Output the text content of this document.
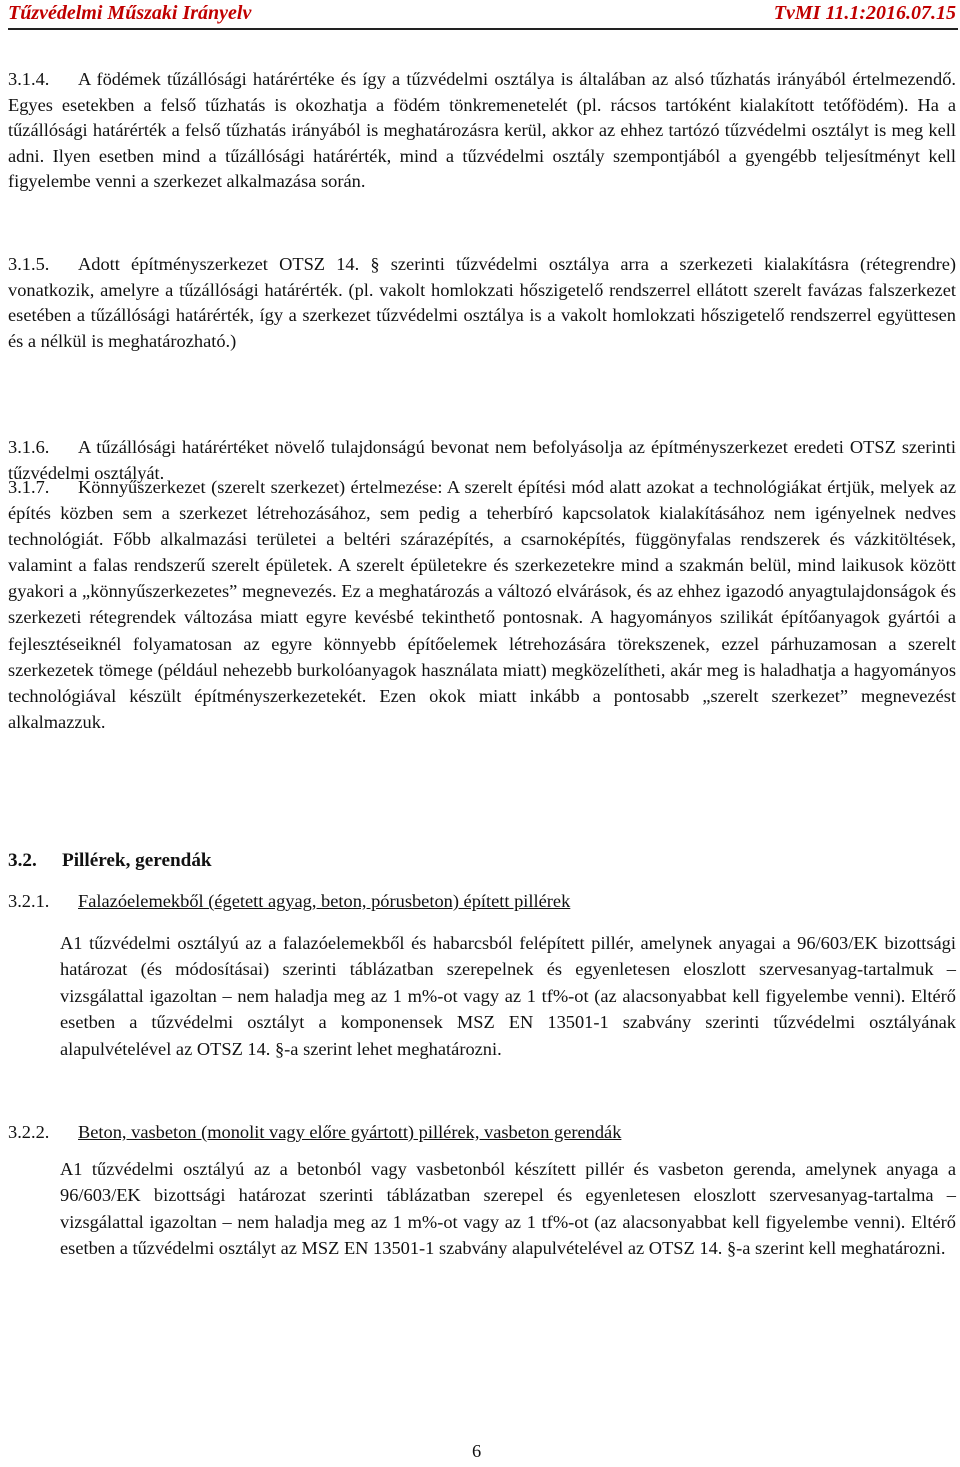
Tűzvédelmi Műszaki Irányelv	TvMI 11.1:2016.07.15
3.1.4. A födémek tűzállósági határértéke és így a tűzvédelmi osztálya is általában az alsó tűzhatás irányából értelmezendő. Egyes esetekben a felső tűzhatás is okozhatja a födém tönkremenetelét (pl. rácsos tartóként kialakított tetőfödém). Ha a tűzállósági határérték a felső tűzhatás irányából is meghatározásra kerül, akkor az ehhez tartózó tűzvédelmi osztályt is meg kell adni. Ilyen esetben mind a tűzállósági határérték, mind a tűzvédelmi osztály szempontjából a gyengébb teljesítményt kell figyelembe venni a szerkezet alkalmazása során.
3.1.5. Adott építményszerkezet OTSZ 14. § szerinti tűzvédelmi osztálya arra a szerkezeti kialakításra (rétegrendre) vonatkozik, amelyre a tűzállósági határérték. (pl. vakolt homlokzati hőszigetelő rendszerrel ellátott szerelt favázas falszerkezet esetében a tűzállósági határérték, így a szerkezet tűzvédelmi osztálya is a vakolt homlokzati hőszigetelő rendszerrel együttesen és a nélkül is meghatározható.)
3.1.6. A tűzállósági határértéket növelő tulajdonságú bevonat nem befolyásolja az építményszerkezet eredeti OTSZ szerinti tűzvédelmi osztályát.
3.1.7. Könnyűszerkezet (szerelt szerkezet) értelmezése: A szerelt építési mód alatt azokat a technológiákat értjük, melyek az építés közben sem a szerkezet létrehozásához, sem pedig a teherbíró kapcsolatok kialakításához nem igényelnek nedves technológiát. Főbb alkalmazási területei a beltéri szárazépítés, a csarnoképítés, függönyfalas rendszerek és vázkitöltések, valamint a falas rendszerű szerelt épületek. A szerelt épületekre és szerkezetekre mind a szakmán belül, mind laikusok között gyakori a „könnyűszerkezetes” megnevezés. Ez a meghatározás a változó elvárások, és az ehhez igazodó anyagtulajdonságok és szerkezeti rétegrendek változása miatt egyre kevésbé tekinthető pontosnak. A hagyományos szilikát építőanyagok gyártói a fejlesztéseiknél folyamatosan az egyre könnyebb építőelemek létrehozására törekszenek, ezzel párhuzamosan a szerelt szerkezetek tömege (például nehezebb burkolóanyagok használata miatt) megközelítheti, akár meg is haladhatja a hagyományos technológiával készült építményszerkezetekét. Ezen okok miatt inkább a pontosabb „szerelt szerkezet” megnevezést alkalmazzuk.
3.2. Pillérek, gerendák
3.2.1. Falazóelemekből (égetett agyag, beton, pórusbeton) épített pillérek
A1 tűzvédelmi osztályú az a falazóelemekből és habarcsból felépített pillér, amelynek anyagai a 96/603/EK bizottsági határozat (és módosításai) szerinti táblázatban szerepelnek és egyenletesen eloszlott szervesanyag-tartalmuk – vizsgálattal igazoltan – nem haladja meg az 1 m%-ot vagy az 1 tf%-ot (az alacsonyabbat kell figyelembe venni). Eltérő esetben a tűzvédelmi osztályt a komponensek MSZ EN 13501-1 szabvány szerinti tűzvédelmi osztályának alapulvételével az OTSZ 14. §-a szerint lehet meghatározni.
3.2.2. Beton, vasbeton (monolit vagy előre gyártott) pillérek, vasbeton gerendák
A1 tűzvédelmi osztályú az a betonból vagy vasbetonból készített pillér és vasbeton gerenda, amelynek anyaga a 96/603/EK bizottsági határozat szerinti táblázatban szerepel és egyenletesen eloszlott szervesanyag-tartalma – vizsgálattal igazoltan – nem haladja meg az 1 m%-ot vagy az 1 tf%-ot (az alacsonyabbat kell figyelembe venni). Eltérő esetben a tűzvédelmi osztályt az MSZ EN 13501-1 szabvány alapulvételével az OTSZ 14. §-a szerint kell meghatározni.
6
